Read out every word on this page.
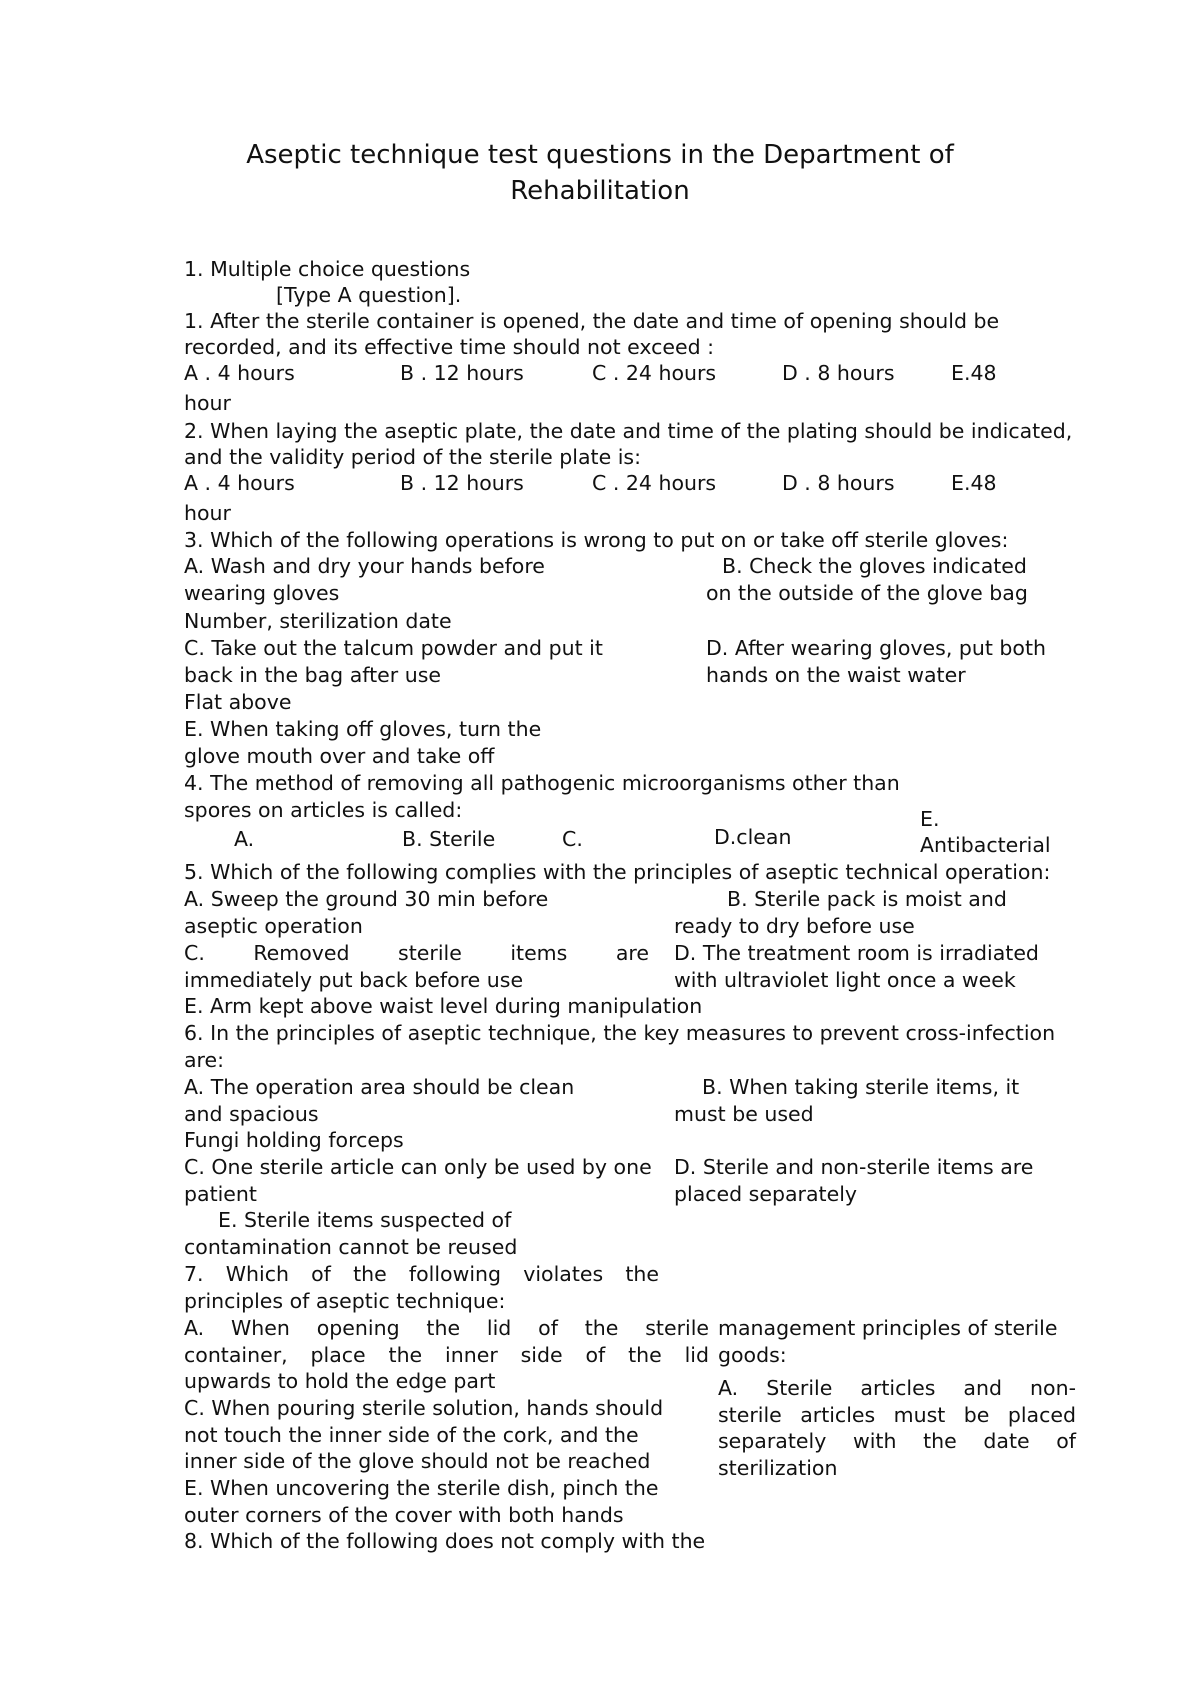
Aseptic technique test questions in the Department of
Rehabilitation
1. Multiple choice questions
[Type A question].
1. After the sterile container is opened, the date and time of opening should be
recorded, and its effective time should not exceed :
A . 4 hours	B . 12 hours	C . 24 hours	D . 8 hours	E.48
hour
2. When laying the aseptic plate, the date and time of the plating should be indicated,
and the validity period of the sterile plate is:
A . 4 hours	B . 12 hours	C . 24 hours	D . 8 hours	E.48
hour
3. Which of the following operations is wrong to put on or take off sterile gloves:
A. Wash and dry your hands before
wearing gloves
B. Check the gloves indicated
on the outside of the glove bag
Number, sterilization date
C. Take out the talcum powder and put it
back in the bag after use
D. After wearing gloves, put both
hands on the waist water
Flat above
E. When taking off gloves, turn the
glove mouth over and take off
4. The method of removing all pathogenic microorganisms other than
spores on articles is called:
A.	B. Sterile	C.	D.clean
E.
Antibacterial
5. Which of the following complies with the principles of aseptic technical operation:
A. Sweep the ground 30 min before
aseptic operation
B. Sterile pack is moist and
ready to dry before use
C. Removed sterile items are
immediately put back before use
D. The treatment room is irradiated
with ultraviolet light once a week
E. Arm kept above waist level during manipulation
6. In the principles of aseptic technique, the key measures to prevent cross-infection
are:
A. The operation area should be clean
and spacious
B. When taking sterile items, it
must be used
Fungi holding forceps
C. One sterile article can only be used by one
patient
D. Sterile and non-sterile items are
placed separately
E. Sterile items suspected of
contamination cannot be reused
7. Which of the following violates the
principles of aseptic technique:
A. When opening the lid of the sterile
container, place the inner side of the lid
upwards to hold the edge part
C. When pouring sterile solution, hands should
not touch the inner side of the cork, and the
inner side of the glove should not be reached
E. When uncovering the sterile dish, pinch the
outer corners of the cover with both hands
8. Which of the following does not comply with the
management principles of sterile
goods:
A. Sterile articles and non-
sterile articles must be placed
separately with the date of
sterilization
